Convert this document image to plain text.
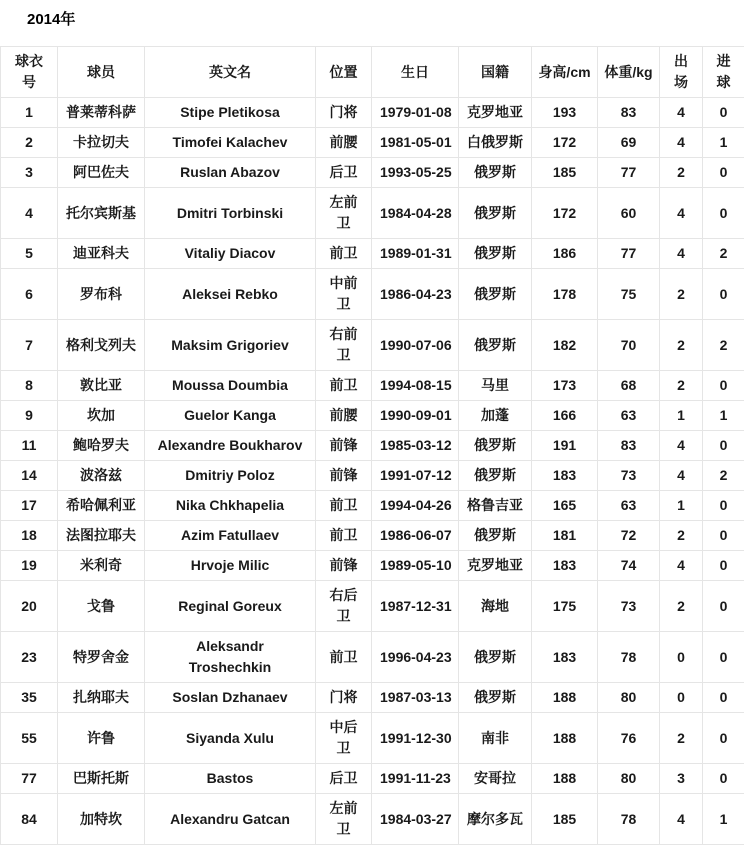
2014年
球衣号	球员	英文名	位置	生日	国籍	身高/cm	体重/kg	出场	进球
1	普莱蒂科萨	Stipe Pletikosa	门将	1979-01-08	克罗地亚	193	83	4	0
2	卡拉切夫	Timofei Kalachev	前腰	1981-05-01	白俄罗斯	172	69	4	1
3	阿巴佐夫	Ruslan Abazov	后卫	1993-05-25	俄罗斯	185	77	2	0
4	托尔宾斯基	Dmitri Torbinski	左前卫	1984-04-28	俄罗斯	172	60	4	0
5	迪亚科夫	Vitaliy Diacov	前卫	1989-01-31	俄罗斯	186	77	4	2
6	罗布科	Aleksei Rebko	中前卫	1986-04-23	俄罗斯	178	75	2	0
7	格利戈列夫	Maksim Grigoriev	右前卫	1990-07-06	俄罗斯	182	70	2	2
8	敦比亚	Moussa Doumbia	前卫	1994-08-15	马里	173	68	2	0
9	坎加	Guelor Kanga	前腰	1990-09-01	加蓬	166	63	1	1
11	鲍哈罗夫	Alexandre Boukharov	前锋	1985-03-12	俄罗斯	191	83	4	0
14	波洛兹	Dmitriy Poloz	前锋	1991-07-12	俄罗斯	183	73	4	2
17	希哈佩利亚	Nika Chkhapelia	前卫	1994-04-26	格鲁吉亚	165	63	1	0
18	法图拉耶夫	Azim Fatullaev	前卫	1986-06-07	俄罗斯	181	72	2	0
19	米利奇	Hrvoje Milic	前锋	1989-05-10	克罗地亚	183	74	4	0
20	戈鲁	Reginal Goreux	右后卫	1987-12-31	海地	175	73	2	0
23	特罗舍金	Aleksandr Troshechkin	前卫	1996-04-23	俄罗斯	183	78	0	0
35	扎纳耶夫	Soslan Dzhanaev	门将	1987-03-13	俄罗斯	188	80	0	0
55	许鲁	Siyanda Xulu	中后卫	1991-12-30	南非	188	76	2	0
77	巴斯托斯	Bastos	后卫	1991-11-23	安哥拉	188	80	3	0
84	加特坎	Alexandru Gatcan	左前卫	1984-03-27	摩尔多瓦	185	78	4	1
